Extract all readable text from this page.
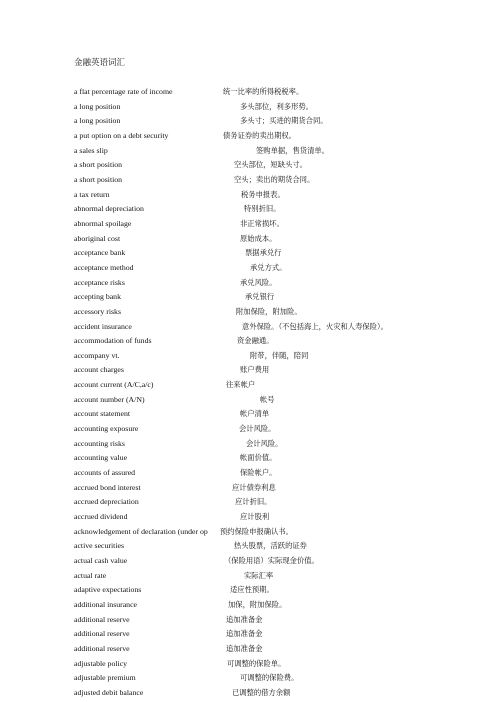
金融英语词汇
a flat percentage rate of income	统一比率的所得税税率。
a long position	多头部位，利多形势。
a long position	多头寸；买进的期货合同。
a put option on a debt security	债务证券的卖出期权。
a sales slip	签购单据，售货清单。
a short position	空头部位，短缺头寸。
a short position	空头；卖出的期货合同。
a tax return	税务申报表。
abnormal depreciation	特别折旧。
abnormal spoilage	非正常损坏。
aboriginal cost	原始成本。
acceptance bank	票据承兑行
acceptance method	承兑方式。
acceptance risks	承兑风险。
accepting bank	承兑银行
accessory risks	附加保险，附加险。
accident insurance	意外保险。（不包括海上，火灾和人寿保险）。
accommodation of funds	资金融通。
accompany vt.	附带，伴随，陪同
account charges	账户费用
account current (A/C,a/c)	往来帐户
account number (A/N)	帐号
account statement	帐户清单
accounting exposure	会计风险。
accounting risks	会计风险。
accounting value	帐面价值。
accounts of assured	保险帐户。
accrued bond interest	应计债券利息
accrued depreciation	应计折旧。
accrued dividend	应计股利
acknowledgement of declaration (under op 预约保险申报确认书。
active securities	热头股票，活跃的证券
actual cash value	（保险用语）实际现金价值。
actual rate	实际汇率
adaptive expectations	适应性预期。
additional insurance	加保，附加保险。
additional reserve	追加准备金
additional reserve	追加准备金
additional reserve	追加准备金
adjustable policy	可调整的保险单。
adjustable premium	可调整的保险费。
adjusted debit balance	已调整的借方余额
